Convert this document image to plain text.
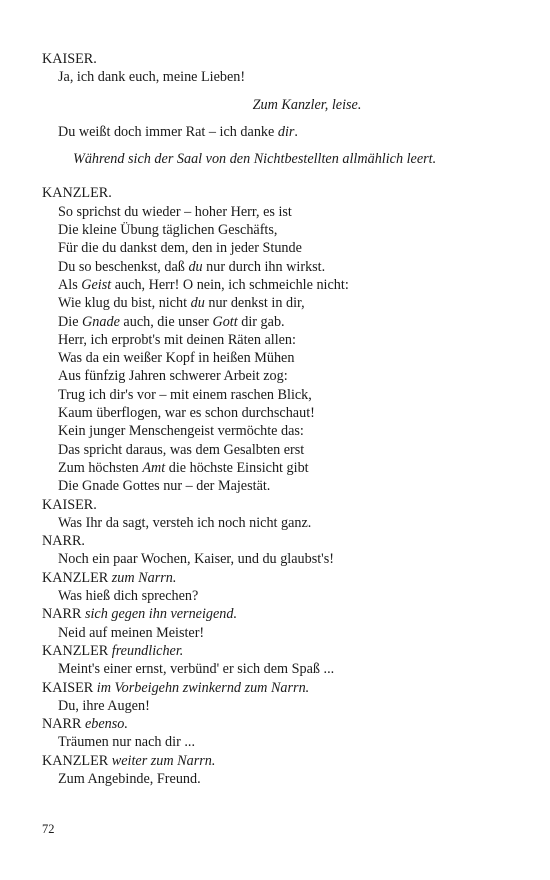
KAISER.
Ja, ich dank euch, meine Lieben!
Zum Kanzler, leise.
Du weißt doch immer Rat – ich danke dir.
Während sich der Saal von den Nichtbestellten allmählich leert.
KANZLER.
So sprichst du wieder – hoher Herr, es ist
Die kleine Übung täglichen Geschäfts,
Für die du dankst dem, den in jeder Stunde
Du so beschenkst, daß du nur durch ihn wirkst.
Als Geist auch, Herr! O nein, ich schmeichle nicht:
Wie klug du bist, nicht du nur denkst in dir,
Die Gnade auch, die unser Gott dir gab.
Herr, ich erprobt's mit deinen Räten allen:
Was da ein weißer Kopf in heißen Mühen
Aus fünfzig Jahren schwerer Arbeit zog:
Trug ich dir's vor – mit einem raschen Blick,
Kaum überflogen, war es schon durchschaut!
Kein junger Menschengeist vermöchte das:
Das spricht daraus, was dem Gesalbten erst
Zum höchsten Amt die höchste Einsicht gibt
Die Gnade Gottes nur – der Majestät.
KAISER.
Was Ihr da sagt, versteh ich noch nicht ganz.
NARR.
Noch ein paar Wochen, Kaiser, und du glaubst's!
KANZLER zum Narrn.
Was hieß dich sprechen?
NARR sich gegen ihn verneigend.
Neid auf meinen Meister!
KANZLER freundlicher.
Meint's einer ernst, verbünd' er sich dem Spaß ...
KAISER im Vorbeigehn zwinkernd zum Narrn.
Du, ihre Augen!
NARR ebenso.
Träumen nur nach dir ...
KANZLER weiter zum Narrn.
Zum Angebinde, Freund.
72
